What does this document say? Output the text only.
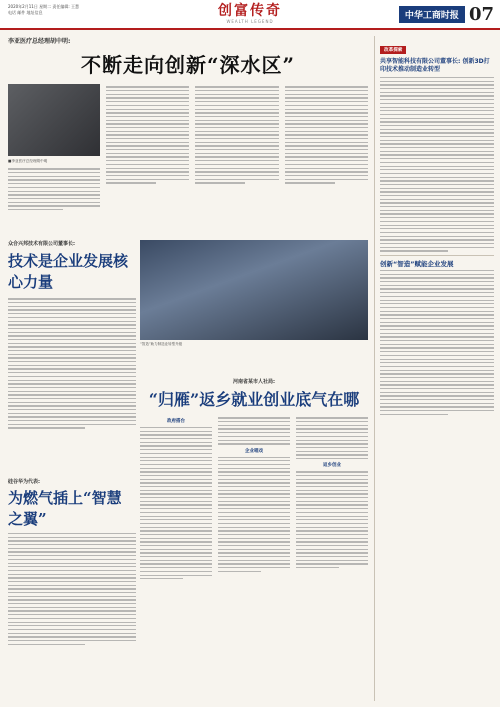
2020年2月11日 星期二 责任编辑: 王慧
电话 邮件 地址信息	创富传奇
WEALTH LEGEND
中华工商时报 07
李亚医疗总经理胡中明:
不断走向创新“深水区”
■李亚医疗总经理胡中明
众合兴邦技术有限公司董事长:
技术是企业发展核心力量
硅谷华为代表:
为燃气插上“智慧之翼”
“智造”助力制造业转型升级
河南省某市人社局:
“归雁”返乡就业创业底气在哪
政府搭台
企业唱戏
返乡创业
改革探索
共享智能科技有限公司董事长: 创新3D打印技术推动制造业转型
创新“智造”赋能企业发展
